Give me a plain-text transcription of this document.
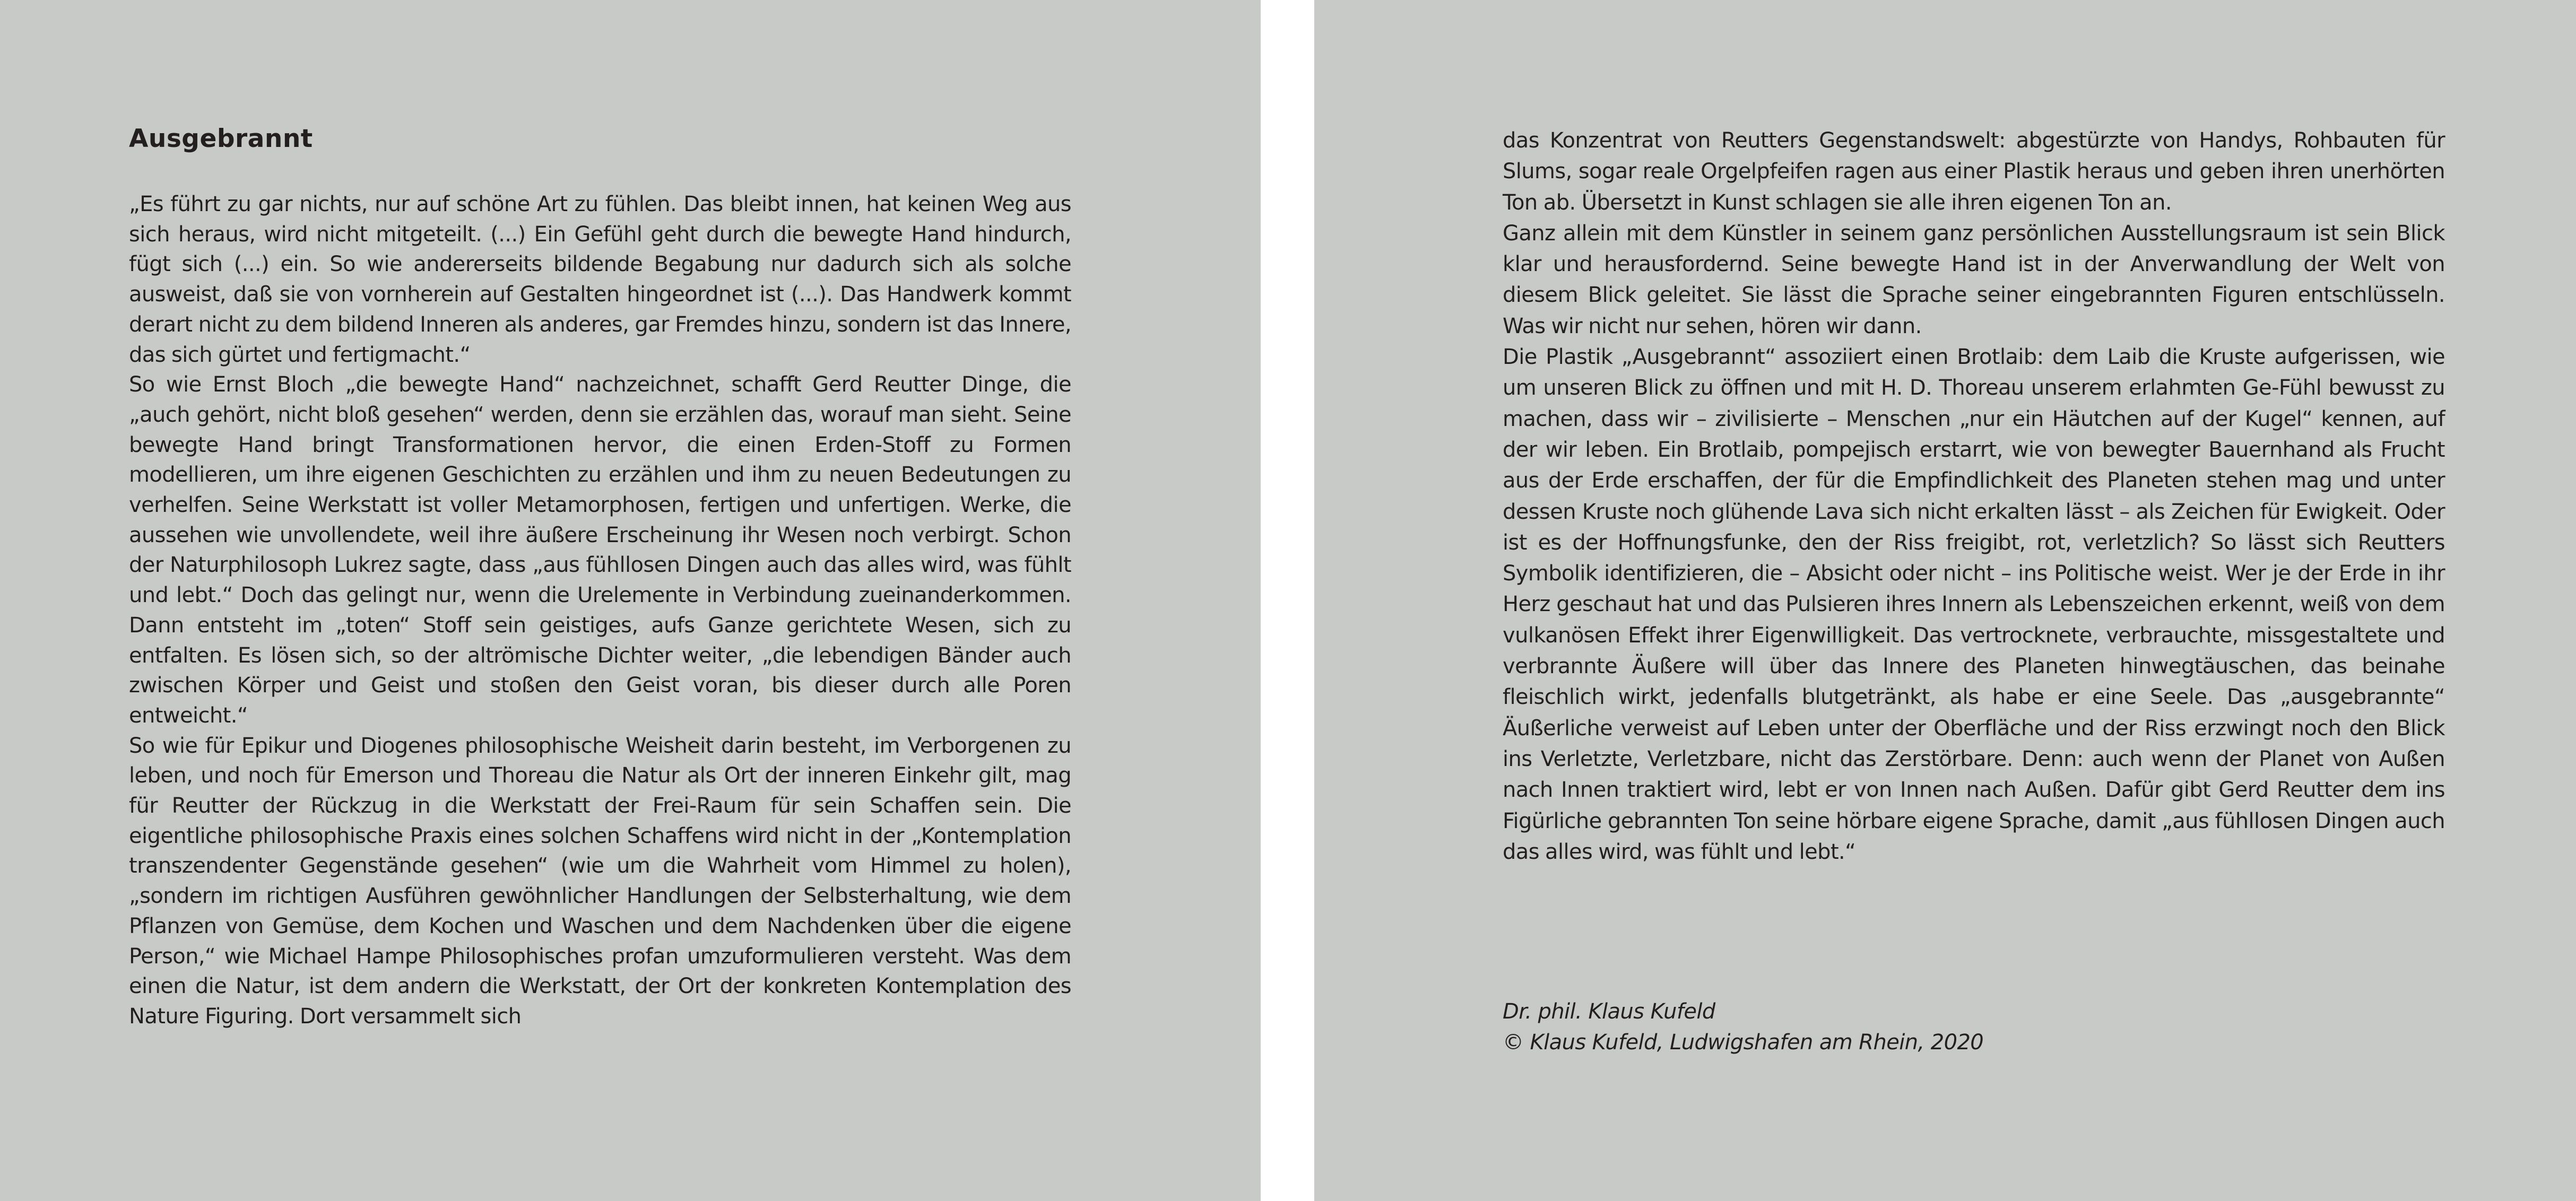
Ausgebrannt

„Es führt zu gar nichts, nur auf schöne Art zu fühlen. Das bleibt innen, hat keinen Weg aus sich heraus, wird nicht mitgeteilt. (...) Ein Gefühl geht durch die bewegte Hand hindurch, fügt sich (...) ein. So wie andererseits bildende Begabung nur dadurch sich als solche ausweist, daß sie von vornherein auf Gestalten hingeordnet ist (...). Das Handwerk kommt derart nicht zu dem bildend Inneren als anderes, gar Fremdes hinzu, sondern ist das Innere, das sich gürtet und fertigmacht.“

So wie Ernst Bloch „die bewegte Hand“ nachzeichnet, schafft Gerd Reutter Dinge, die „auch gehört, nicht bloß gesehen“ werden, denn sie erzählen das, worauf man sieht. Seine bewegte Hand bringt Transformationen hervor, die einen Erden-Stoff zu Formen modellieren, um ihre eigenen Geschichten zu erzählen und ihm zu neuen Bedeutungen zu verhelfen. Seine Werkstatt ist voller Metamorphosen, fertigen und unfertigen. Werke, die aussehen wie unvollendete, weil ihre äußere Erscheinung ihr Wesen noch verbirgt. Schon der Naturphilosoph Lukrez sagte, dass „aus fühllosen Dingen auch das alles wird, was fühlt und lebt.“ Doch das gelingt nur, wenn die Urelemente in Verbindung zueinanderkommen. Dann entsteht im „toten“ Stoff sein geistiges, aufs Ganze gerichtete Wesen, sich zu entfalten. Es lösen sich, so der altrömische Dichter weiter, „die lebendigen Bänder auch zwischen Körper und Geist und stoßen den Geist voran, bis dieser durch alle Poren entweicht.“

So wie für Epikur und Diogenes philosophische Weisheit darin besteht, im Verborgenen zu leben, und noch für Emerson und Thoreau die Natur als Ort der inneren Einkehr gilt, mag für Reutter der Rückzug in die Werkstatt der Frei-Raum für sein Schaffen sein. Die eigentliche philosophische Praxis eines solchen Schaffens wird nicht in der „Kontemplation transzendenter Gegenstände gesehen“ (wie um die Wahrheit vom Himmel zu holen), „sondern im richtigen Ausführen gewöhnlicher Handlungen der Selbsterhaltung, wie dem Pflanzen von Gemüse, dem Kochen und Waschen und dem Nachdenken über die eigene Person,“ wie Michael Hampe Philosophisches profan umzuformulieren versteht. Was dem einen die Natur, ist dem andern die Werkstatt, der Ort der konkreten Kontemplation des Nature Figuring. Dort versammelt sich

das Konzentrat von Reutters Gegenstandswelt: abgestürzte von Handys, Rohbauten für Slums, sogar reale Orgelpfeifen ragen aus einer Plastik heraus und geben ihren unerhörten Ton ab. Übersetzt in Kunst schlagen sie alle ihren eigenen Ton an.

Ganz allein mit dem Künstler in seinem ganz persönlichen Ausstellungsraum ist sein Blick klar und herausfordernd. Seine bewegte Hand ist in der Anverwandlung der Welt von diesem Blick geleitet. Sie lässt die Sprache seiner eingebrannten Figuren entschlüsseln. Was wir nicht nur sehen, hören wir dann.

Die Plastik „Ausgebrannt“ assoziiert einen Brotlaib: dem Laib die Kruste aufgerissen, wie um unseren Blick zu öffnen und mit H. D. Thoreau unserem erlahmten Ge-Fühl bewusst zu machen, dass wir – zivilisierte – Menschen „nur ein Häutchen auf der Kugel“ kennen, auf der wir leben. Ein Brotlaib, pompejisch erstarrt, wie von bewegter Bauernhand als Frucht aus der Erde erschaffen, der für die Empfindlichkeit des Planeten stehen mag und unter dessen Kruste noch glühende Lava sich nicht erkalten lässt – als Zeichen für Ewigkeit. Oder ist es der Hoffnungsfunke, den der Riss freigibt, rot, verletzlich? So lässt sich Reutters Symbolik identifizieren, die – Absicht oder nicht – ins Politische weist. Wer je der Erde in ihr Herz geschaut hat und das Pulsieren ihres Innern als Lebenszeichen erkennt, weiß von dem vulkanösen Effekt ihrer Eigenwilligkeit. Das vertrocknete, verbrauchte, missgestaltete und verbrannte Äußere will über das Innere des Planeten hinwegtäuschen, das beinahe fleischlich wirkt, jedenfalls blutgetränkt, als habe er eine Seele. Das „ausgebrannte“ Äußerliche verweist auf Leben unter der Oberfläche und der Riss erzwingt noch den Blick ins Verletzte, Verletzbare, nicht das Zerstörbare. Denn: auch wenn der Planet von Außen nach Innen traktiert wird, lebt er von Innen nach Außen. Dafür gibt Gerd Reutter dem ins Figürliche gebrannten Ton seine hörbare eigene Sprache, damit „aus fühllosen Dingen auch das alles wird, was fühlt und lebt.“

Dr. phil. Klaus Kufeld
© Klaus Kufeld, Ludwigshafen am Rhein, 2020
